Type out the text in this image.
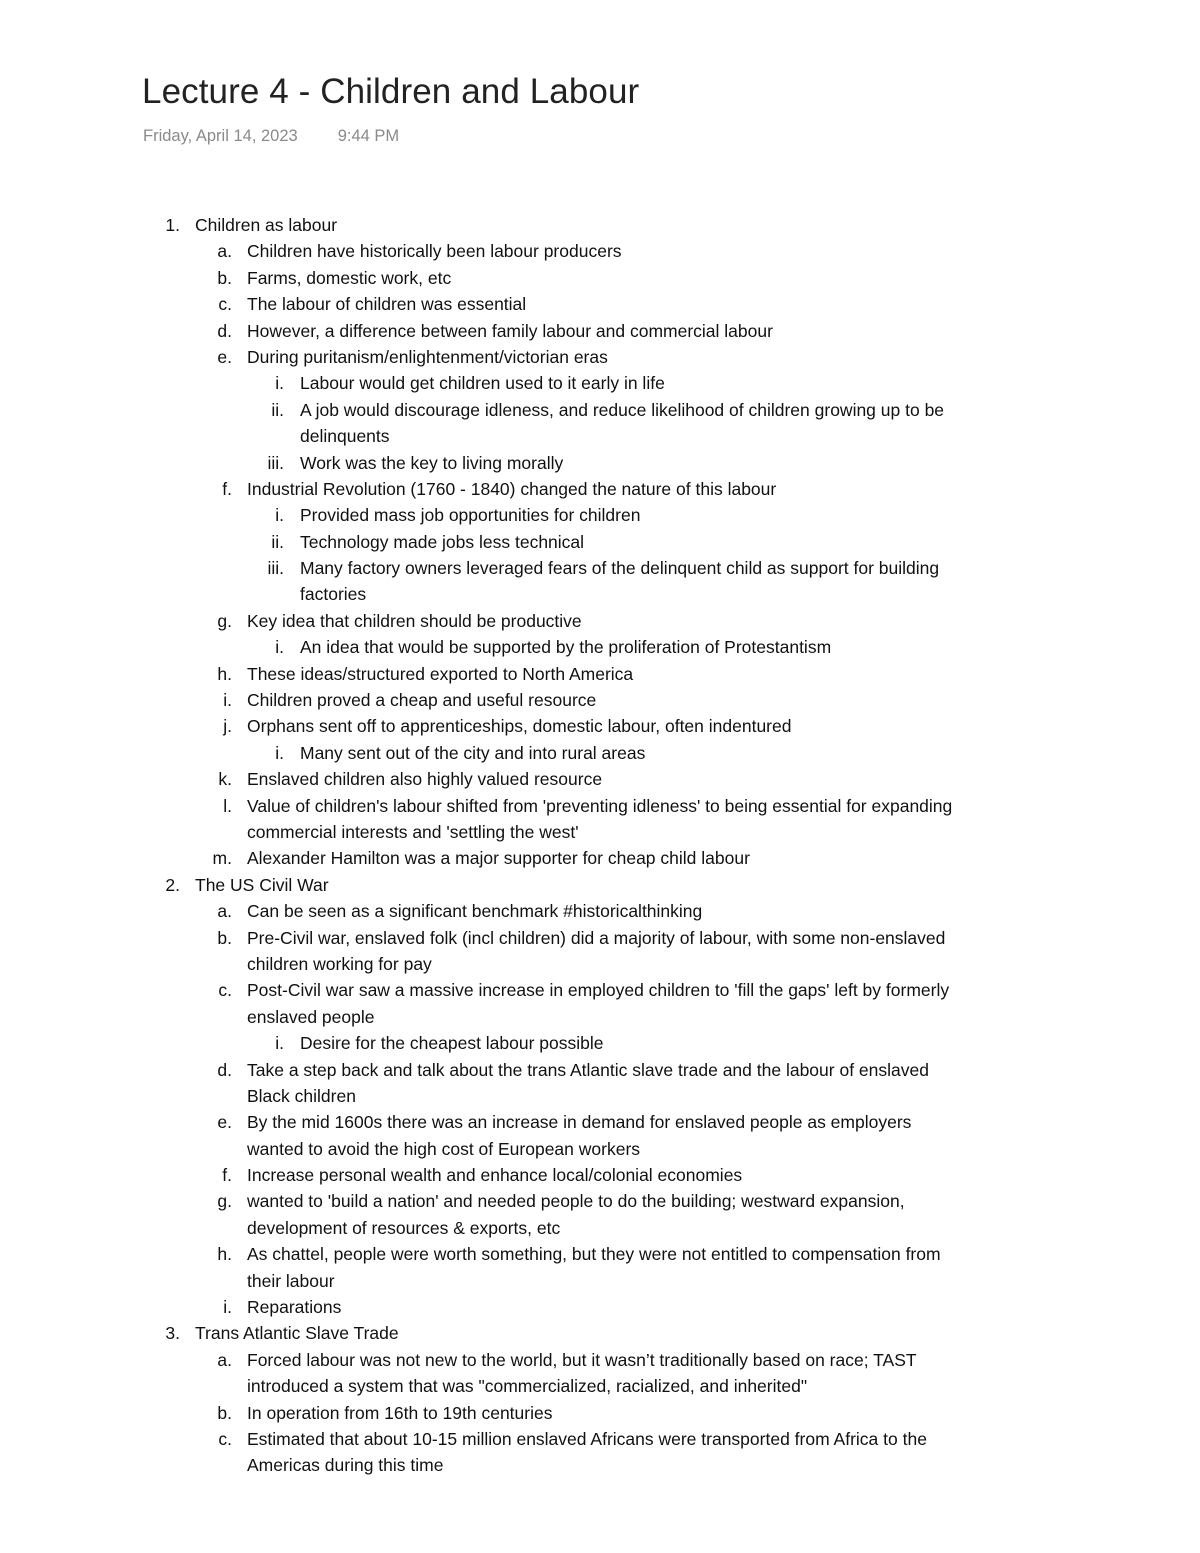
Lecture 4 - Children and Labour
Friday, April 14, 2023 9:44 PM
1. Children as labour
a. Children have historically been labour producers
b. Farms, domestic work, etc
c. The labour of children was essential
d. However, a difference between family labour and commercial labour
e. During puritanism/enlightenment/victorian eras
i. Labour would get children used to it early in life
ii. A job would discourage idleness, and reduce likelihood of children growing up to be
delinquents
iii. Work was the key to living morally
f. Industrial Revolution (1760 - 1840) changed the nature of this labour
i. Provided mass job opportunities for children
ii. Technology made jobs less technical
iii. Many factory owners leveraged fears of the delinquent child as support for building
factories
g. Key idea that children should be productive
i. An idea that would be supported by the proliferation of Protestantism
h. These ideas/structured exported to North America
i. Children proved a cheap and useful resource
j. Orphans sent off to apprenticeships, domestic labour, often indentured
i. Many sent out of the city and into rural areas
k. Enslaved children also highly valued resource
l. Value of children's labour shifted from 'preventing idleness' to being essential for expanding
commercial interests and 'settling the west'
m. Alexander Hamilton was a major supporter for cheap child labour
2. The US Civil War
a. Can be seen as a significant benchmark #historicalthinking
b. Pre-Civil war, enslaved folk (incl children) did a majority of labour, with some non-enslaved
children working for pay
c. Post-Civil war saw a massive increase in employed children to 'fill the gaps' left by formerly
enslaved people
i. Desire for the cheapest labour possible
d. Take a step back and talk about the trans Atlantic slave trade and the labour of enslaved
Black children
e. By the mid 1600s there was an increase in demand for enslaved people as employers
wanted to avoid the high cost of European workers
f. Increase personal wealth and enhance local/colonial economies
g. wanted to 'build a nation' and needed people to do the building; westward expansion,
development of resources & exports, etc
h. As chattel, people were worth something, but they were not entitled to compensation from
their labour
i. Reparations
3. Trans Atlantic Slave Trade
a. Forced labour was not new to the world, but it wasn’t traditionally based on race; TAST
introduced a system that was "commercialized, racialized, and inherited"
b. In operation from 16th to 19th centuries
c. Estimated that about 10-15 million enslaved Africans were transported from Africa to the
Americas during this time
